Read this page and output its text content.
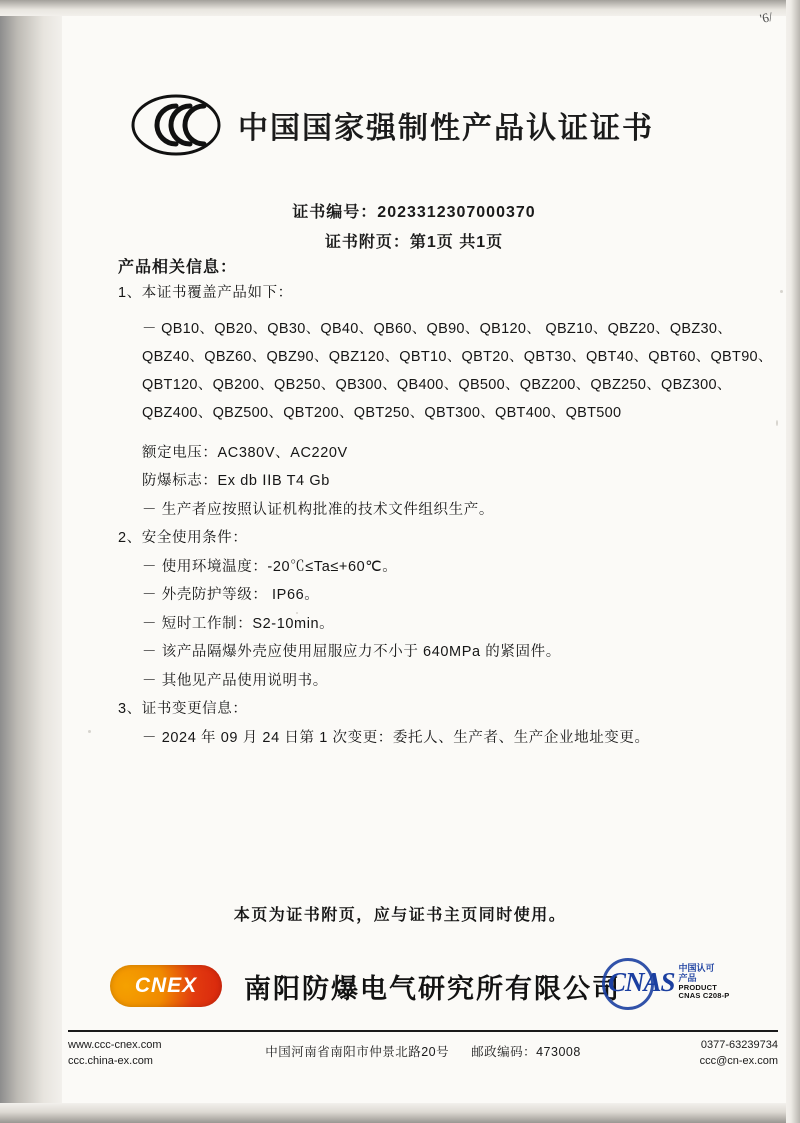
'6/
中国国家强制性产品认证证书
证书编号：2023312307000370
证书附页：第1页 共1页
产品相关信息：

1、本证书覆盖产品如下：

－ QB10、QB20、QB30、QB40、QB60、QB90、QB120、 QBZ10、QBZ20、QBZ30、
QBZ40、QBZ60、QBZ90、QBZ120、QBT10、QBT20、QBT30、QBT40、QBT60、QBT90、
QBT120、QB200、QB250、QB300、QB400、QB500、QBZ200、QBZ250、QBZ300、
QBZ400、QBZ500、QBT200、QBT250、QBT300、QBT400、QBT500

额定电压：AC380V、AC220V

防爆标志：Ex db ⅠⅠB T4 Gb

－ 生产者应按照认证机构批准的技术文件组织生产。

2、安全使用条件：

－ 使用环境温度：-20℃≤Ta≤+60℃。

－ 外壳防护等级： IP66。

－ 短时工作制：S2-10min。

－ 该产品隔爆外壳应使用屈服应力不小于 640MPa 的紧固件。

－ 其他见产品使用说明书。

3、证书变更信息：

－ 2024 年 09 月 24 日第 1 次变更：委托人、生产者、生产企业地址变更。

本页为证书附页，应与证书主页同时使用。
CNEX 南阳防爆电气研究所有限公司
CNAS 中国认可
产品
PRODUCT
CNAS C208-P
www.ccc-cnex.com
ccc.china-ex.com
中国河南省南阳市仲景北路20号 邮政编码：473008	0377-63239734
ccc@cn-ex.com
